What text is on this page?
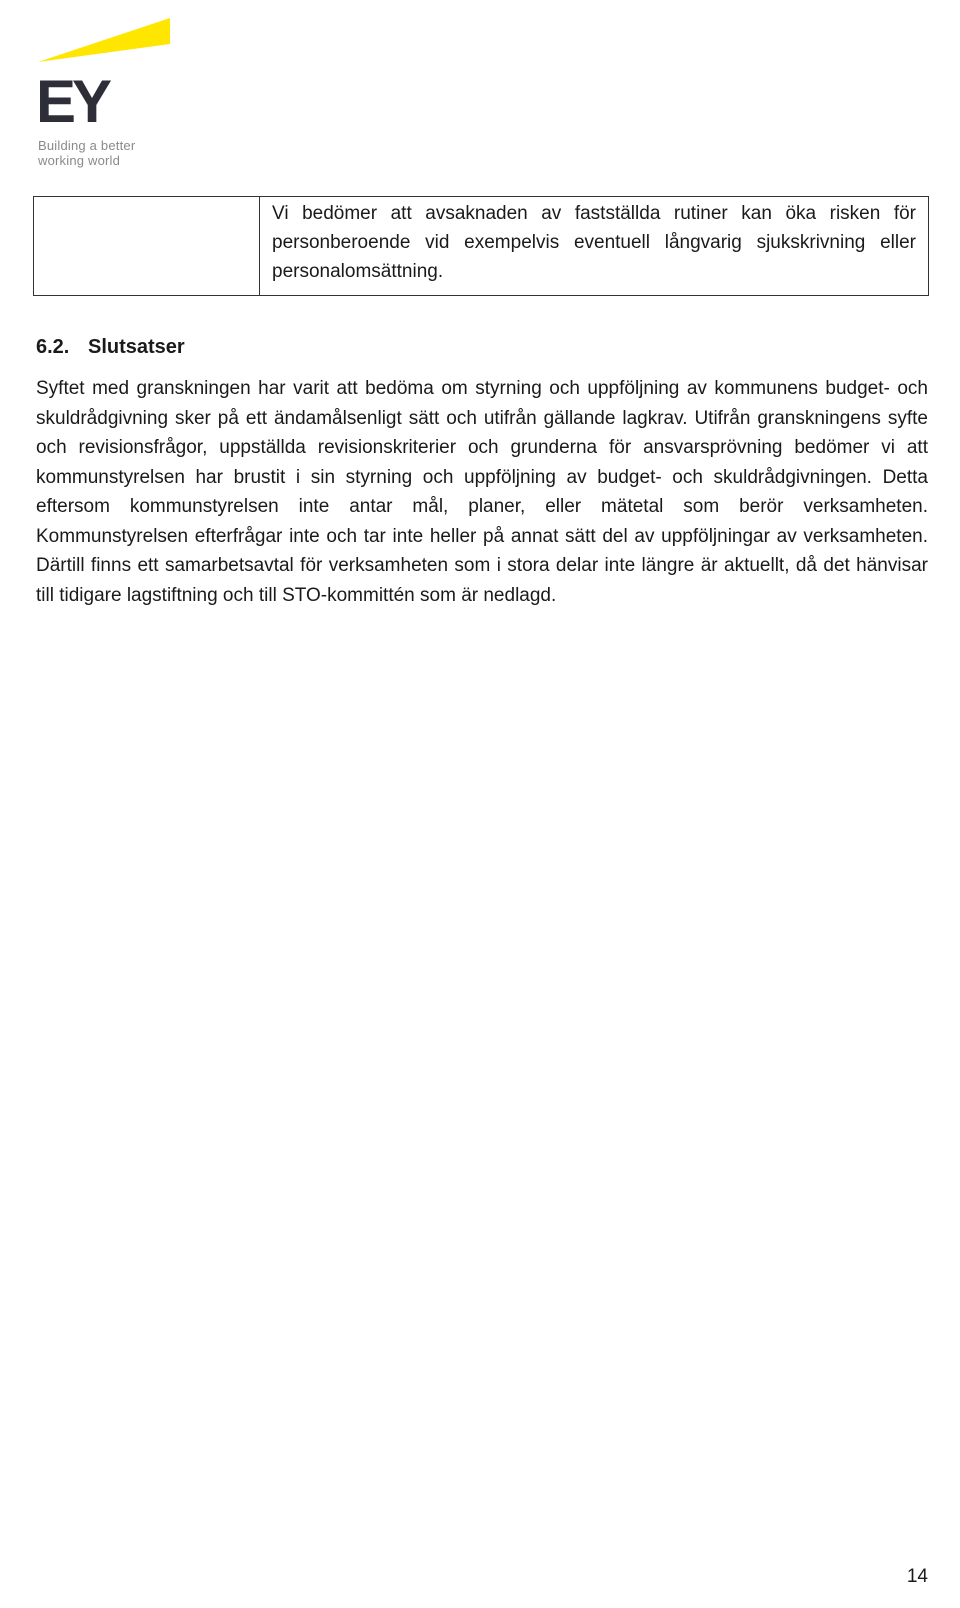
EY
Building a better
working world
Vi bedömer att avsaknaden av fastställda rutiner kan öka risken för personberoende vid exempelvis eventuell långvarig sjukskrivning eller personalomsättning.
6.2. Slutsatser
Syftet med granskningen har varit att bedöma om styrning och uppföljning av kommunens budget- och skuldrådgivning sker på ett ändamålsenligt sätt och utifrån gällande lagkrav. Utifrån granskningens syfte och revisionsfrågor, uppställda revisionskriterier och grunderna för ansvarsprövning bedömer vi att kommunstyrelsen har brustit i sin styrning och uppföljning av budget- och skuldrådgivningen. Detta eftersom kommunstyrelsen inte antar mål, planer, eller mätetal som berör verksamheten. Kommunstyrelsen efterfrågar inte och tar inte heller på annat sätt del av uppföljningar av verksamheten. Därtill finns ett samarbetsavtal för verksamheten som i stora delar inte längre är aktuellt, då det hänvisar till tidigare lagstiftning och till STO-kommittén som är nedlagd.
14
